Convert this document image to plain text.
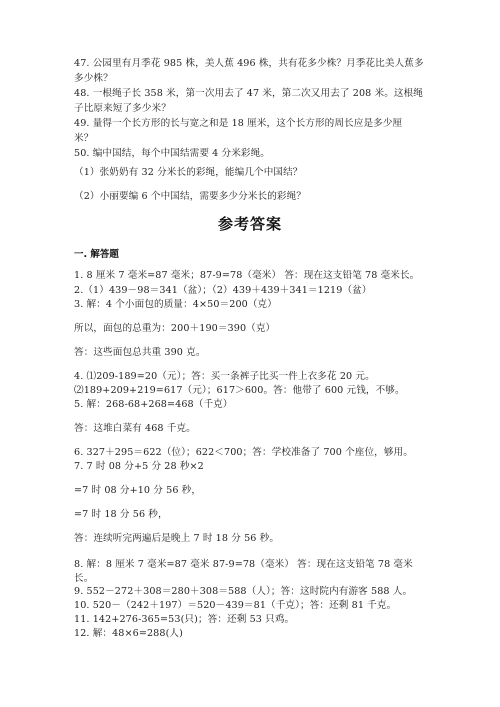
47. 公园里有月季花 985 株，美人蕉 496 株，共有花多少株？月季花比美人蕉多
多少株？
48. 一根绳子长 358 米，第一次用去了 47 米，第二次又用去了 208 米。这根绳
子比原来短了多少米？
49. 量得一个长方形的长与宽之和是 18 厘米，这个长方形的周长应是多少厘
米？
50. 编中国结，每个中国结需要 4 分米彩绳。
（1）张奶奶有 32 分米长的彩绳，能编几个中国结？
（2）小丽要编 6 个中国结，需要多少分米长的彩绳？
参考答案
一. 解答题
1. 8 厘米 7 毫米=87 毫米；87-9=78（毫米） 答：现在这支铅笔 78 毫米长。
2.（1）439－98＝341（盆）；（2）439＋439＋341＝1219（盆）
3. 解：4 个小面包的质量：4×50＝200（克）
所以，面包的总重为：200＋190＝390（克）
答：这些面包总共重 390 克。
4. ⑴209-189=20（元）；答：买一条裤子比买一件上衣多花 20 元。
⑵189+209+219=617（元）；617＞600。答：他带了 600 元钱，不够。
5. 解：268-68+268=468（千克）
答：这堆白菜有 468 千克。
6. 327＋295＝622（位）；622＜700；答：学校准备了 700 个座位，够用。
7. 7 时 08 分+5 分 28 秒×2
=7 时 08 分+10 分 56 秒，
=7 时 18 分 56 秒，
答：连续听完两遍后是晚上 7 时 18 分 56 秒。
8. 解：8 厘米 7 毫米=87 毫米 87-9=78（毫米） 答：现在这支铅笔 78 毫米
长。
9. 552－272＋308＝280＋308＝588（人）；答：这时院内有游客 588 人。
10. 520－（242＋197）＝520－439＝81（千克）；答：还剩 81 千克。
11. 142+276-365=53(只)；答：还剩 53 只鸡。
12. 解：48×6=288(人)
